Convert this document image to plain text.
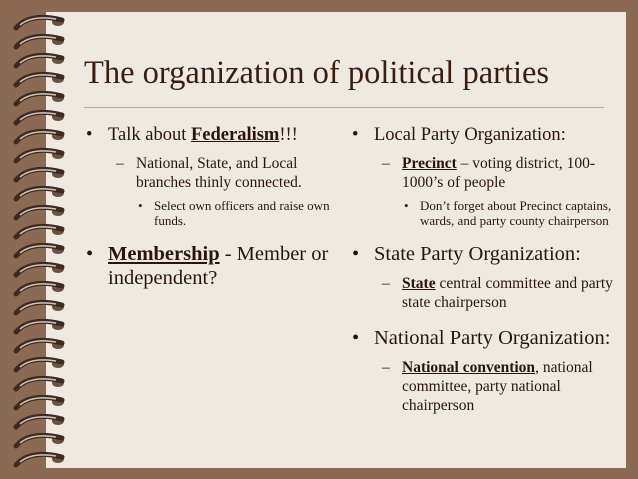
The organization of political parties
• Talk about Federalism!!!
– National, State, and Local branches thinly connected.
• Select own officers and raise own funds.
• Membership - Member or independent?
• Local Party Organization:
– Precinct – voting district, 100-1000’s of people
• Don’t forget about Precinct captains, wards, and party county chairperson
• State Party Organization:
– State central committee and party state chairperson
• National Party Organization:
– National convention, national committee, party national chairperson
